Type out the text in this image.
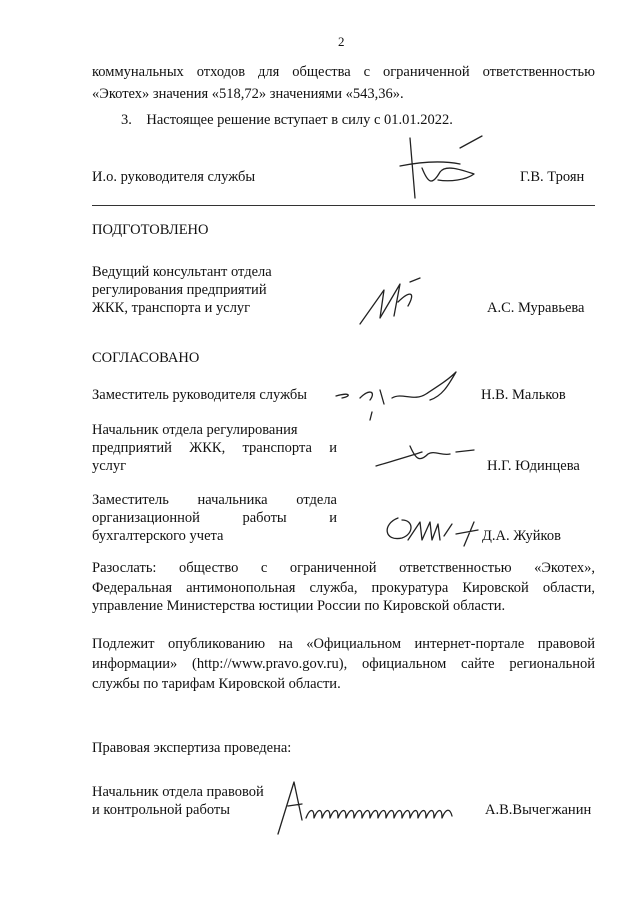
2
коммунальных отходов для общества с ограниченной ответственностью
«Экотех» значения «518,72» значениями «543,36».
3. Настоящее решение вступает в силу с 01.01.2022.
И.о. руководителя службы	Г.В. Троян
ПОДГОТОВЛЕНО
Ведущий консультант отдела
регулирования предприятий
ЖКК, транспорта и услуг	А.С. Муравьева
СОГЛАСОВАНО
Заместитель руководителя службы	Н.В. Мальков
Начальник отдела регулирования
предприятий ЖКК, транспорта и
услуг	Н.Г. Юдинцева
Заместитель начальника отдела
организационной работы и
бухгалтерского учета	Д.А. Жуйков
Разослать: общество с ограниченной ответственностью «Экотех»,
Федеральная антимонопольная служба, прокуратура Кировской области,
управление Министерства юстиции России по Кировской области.
Подлежит опубликованию на «Официальном интернет-портале правовой
информации» (http://www.pravo.gov.ru), официальном сайте региональной
службы по тарифам Кировской области.
Правовая экспертиза проведена:
Начальник отдела правовой
и контрольной работы	А.В.Вычегжанин
